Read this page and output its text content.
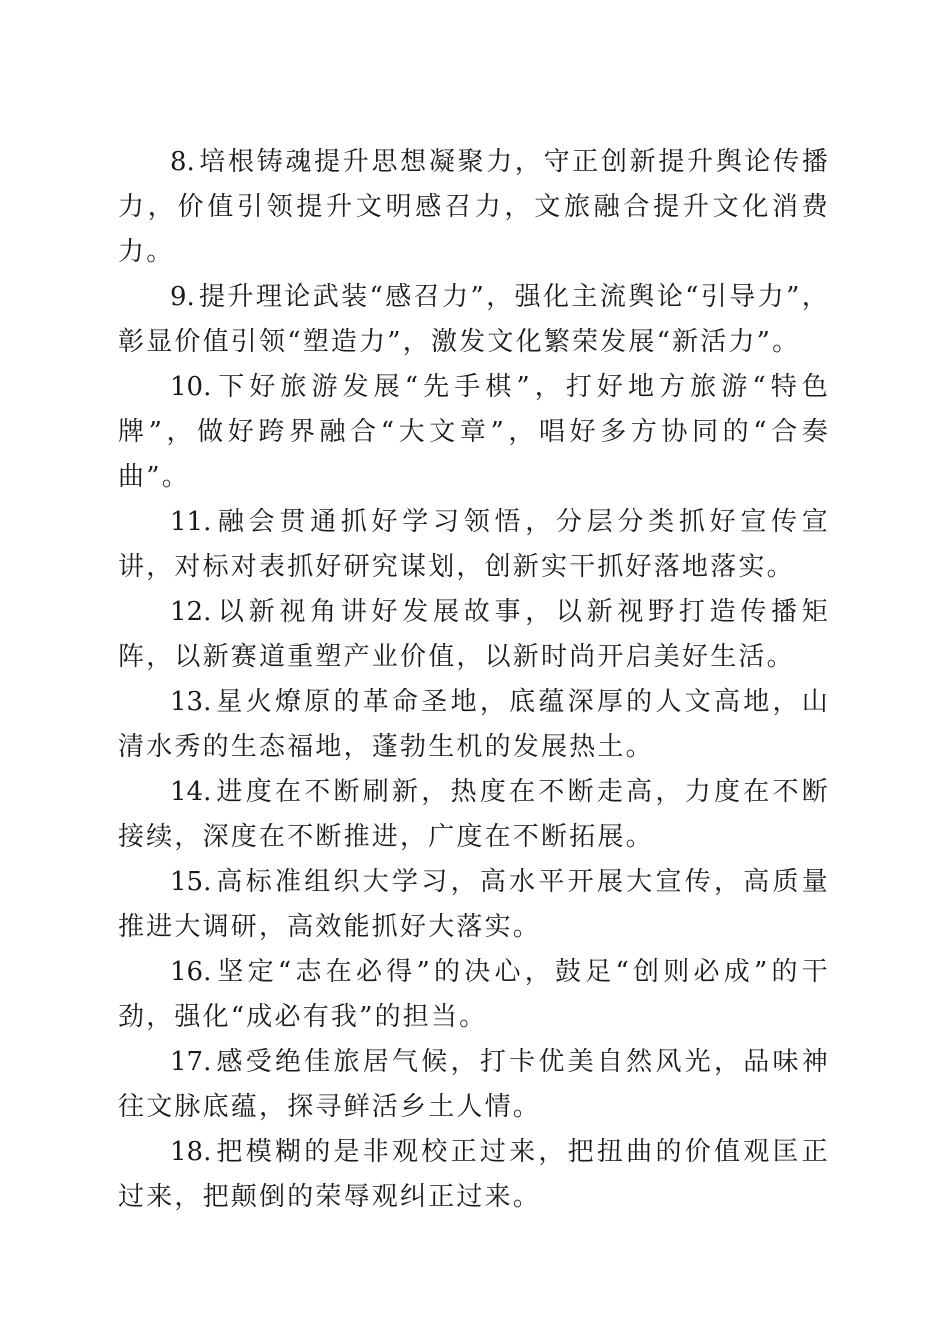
8. 培根铸魂提升思想凝聚力，守正创新提升舆论传播力，价值引领提升文明感召力，文旅融合提升文化消费力。

9. 提升理论武装“感召力”，强化主流舆论“引导力”，彰显价值引领“塑造力”，激发文化繁荣发展“新活力”。

10. 下好旅游发展“先手棋”，打好地方旅游“特色牌”，做好跨界融合“大文章”，唱好多方协同的“合奏曲”。

11. 融会贯通抓好学习领悟，分层分类抓好宣传宣讲，对标对表抓好研究谋划，创新实干抓好落地落实。

12. 以新视角讲好发展故事，以新视野打造传播矩阵，以新赛道重塑产业价值，以新时尚开启美好生活。

13. 星火燎原的革命圣地，底蕴深厚的人文高地，山清水秀的生态福地，蓬勃生机的发展热土。

14. 进度在不断刷新，热度在不断走高，力度在不断接续，深度在不断推进，广度在不断拓展。

15. 高标准组织大学习，高水平开展大宣传，高质量推进大调研，高效能抓好大落实。

16. 坚定“志在必得”的决心，鼓足“创则必成”的干劲，强化“成必有我”的担当。

17. 感受绝佳旅居气候，打卡优美自然风光，品味神往文脉底蕴，探寻鲜活乡土人情。

18. 把模糊的是非观校正过来，把扭曲的价值观匡正过来，把颠倒的荣辱观纠正过来。
